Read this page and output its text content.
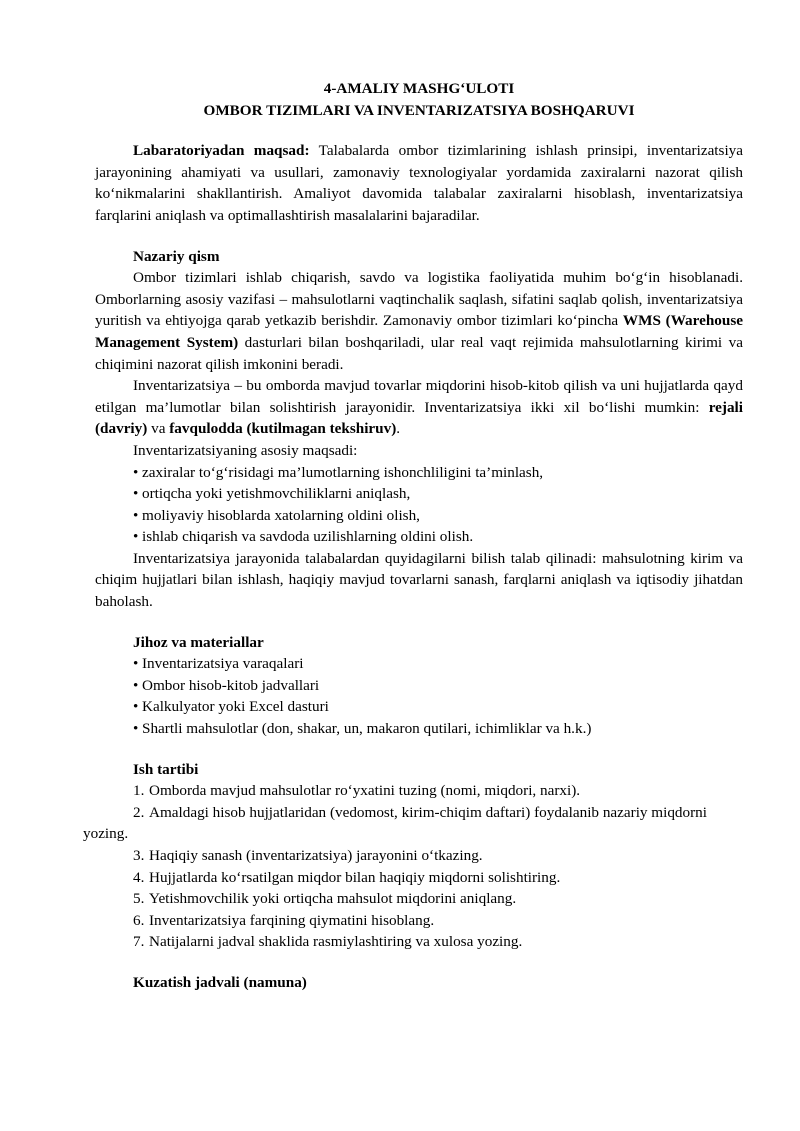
4-AMALIY MASHG‘ULOTI
OMBOR TIZIMLARI VA INVENTARIZATSIYA BOSHQARUVI

Labaratoriyadan maqsad: Talabalarda ombor tizimlarining ishlash prinsipi, inventarizatsiya jarayonining ahamiyati va usullari, zamonaviy texnologiyalar yordamida zaxiralarni nazorat qilish ko‘nikmalarini shakllantirish. Amaliyot davomida talabalar zaxiralarni hisoblash, inventarizatsiya farqlarini aniqlash va optimallashtirish masalalarini bajaradilar.

Nazariy qism

Ombor tizimlari ishlab chiqarish, savdo va logistika faoliyatida muhim bo‘g‘in hisoblanadi. Omborlarning asosiy vazifasi – mahsulotlarni vaqtinchalik saqlash, sifatini saqlab qolish, inventarizatsiya yuritish va ehtiyojga qarab yetkazib berishdir. Zamonaviy ombor tizimlari ko‘pincha WMS (Warehouse Management System) dasturlari bilan boshqariladi, ular real vaqt rejimida mahsulotlarning kirimi va chiqimini nazorat qilish imkonini beradi.

Inventarizatsiya – bu omborda mavjud tovarlar miqdorini hisob-kitob qilish va uni hujjatlarda qayd etilgan ma’lumotlar bilan solishtirish jarayonidir. Inventarizatsiya ikki xil bo‘lishi mumkin: rejali (davriy) va favqulodda (kutilmagan tekshiruv).

Inventarizatsiyaning asosiy maqsadi:

• zaxiralar to‘g‘risidagi ma’lumotlarning ishonchliligini ta’minlash,
• ortiqcha yoki yetishmovchiliklarni aniqlash,
• moliyaviy hisoblarda xatolarning oldini olish,
• ishlab chiqarish va savdoda uzilishlarning oldini olish.

Inventarizatsiya jarayonida talabalardan quyidagilarni bilish talab qilinadi: mahsulotning kirim va chiqim hujjatlari bilan ishlash, haqiqiy mavjud tovarlarni sanash, farqlarni aniqlash va iqtisodiy jihatdan baholash.

Jihoz va materiallar
• Inventarizatsiya varaqalari
• Ombor hisob-kitob jadvallari
• Kalkulyator yoki Excel dasturi
• Shartli mahsulotlar (don, shakar, un, makaron qutilari, ichimliklar va h.k.)
Ish tartibi
1. Omborda mavjud mahsulotlar ro‘yxatini tuzing (nomi, miqdori, narxi).
2. Amaldagi hisob hujjatlaridan (vedomost, kirim-chiqim daftari) foydalanib nazariy miqdorni
yozing.
3. Haqiqiy sanash (inventarizatsiya) jarayonini o‘tkazing.
4. Hujjatlarda ko‘rsatilgan miqdor bilan haqiqiy miqdorni solishtiring.
5. Yetishmovchilik yoki ortiqcha mahsulot miqdorini aniqlang.
6. Inventarizatsiya farqining qiymatini hisoblang.
7. Natijalarni jadval shaklida rasmiylashtiring va xulosa yozing.
Kuzatish jadvali (namuna)
